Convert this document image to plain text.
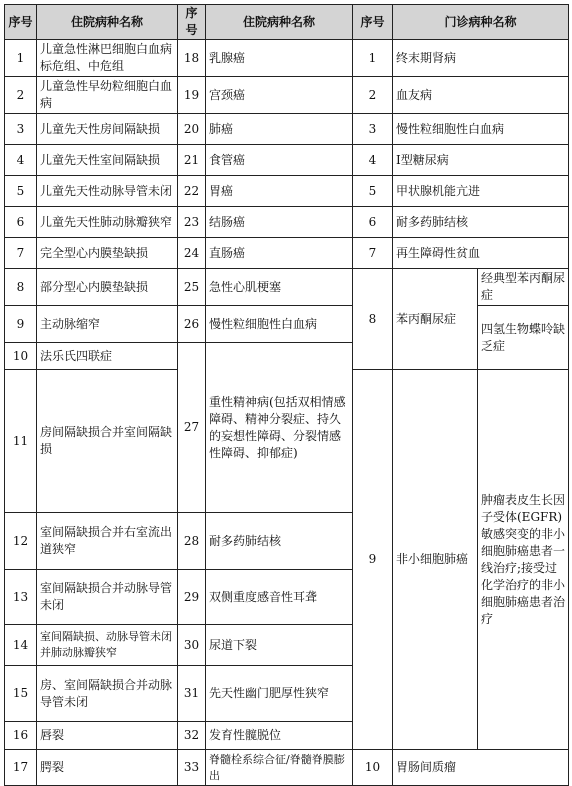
序号	住院病种名称	序号	住院病种名称	序号	门诊病种名称	
1	儿童急性淋巴细胞白血病标危组、中危组	18	乳腺癌	1	终末期肾病	
2	儿童急性早幼粒细胞白血病	19	宫颈癌	2	血友病	
3	儿童先天性房间隔缺损	20	肺癌	3	慢性粒细胞性白血病	
4	儿童先天性室间隔缺损	21	食管癌	4	I型糖尿病	
5	儿童先天性动脉导管未闭	22	胃癌	5	甲状腺机能亢进	
6	儿童先天性肺动脉瓣狭窄	23	结肠癌	6	耐多药肺结核	
7	完全型心内膜垫缺损	24	直肠癌	7	再生障碍性贫血	
8	部分型心内膜垫缺损	25	急性心肌梗塞	8	苯丙酮尿症	经典型苯丙酮尿症
9	主动脉缩窄	26	慢性粒细胞性白血病			四氢生物蝶呤缺乏症
10	法乐氏四联症	27	重性精神病(包括双相情感障碍、精神分裂症、持久的妄想性障碍、分裂情感性障碍、抑郁症)			
11	房间隔缺损合并室间隔缺损			9	非小细胞肺癌	肿瘤表皮生长因子受体(EGFR)敏感突变的非小细胞肺癌患者一线治疗;接受过化学治疗的非小细胞肺癌患者治疗
12	室间隔缺损合并右室流出道狭窄	28	耐多药肺结核			
13	室间隔缺损合并动脉导管未闭	29	双侧重度感音性耳聋			
14	室间隔缺损、动脉导管未闭并肺动脉瓣狭窄	30	尿道下裂			
15	房、室间隔缺损合并动脉导管未闭	31	先天性幽门肥厚性狭窄			
16	唇裂	32	发育性髋脱位			
17	腭裂	33	脊髓栓系综合征/脊髓脊膜膨出	10	胃肠间质瘤	
